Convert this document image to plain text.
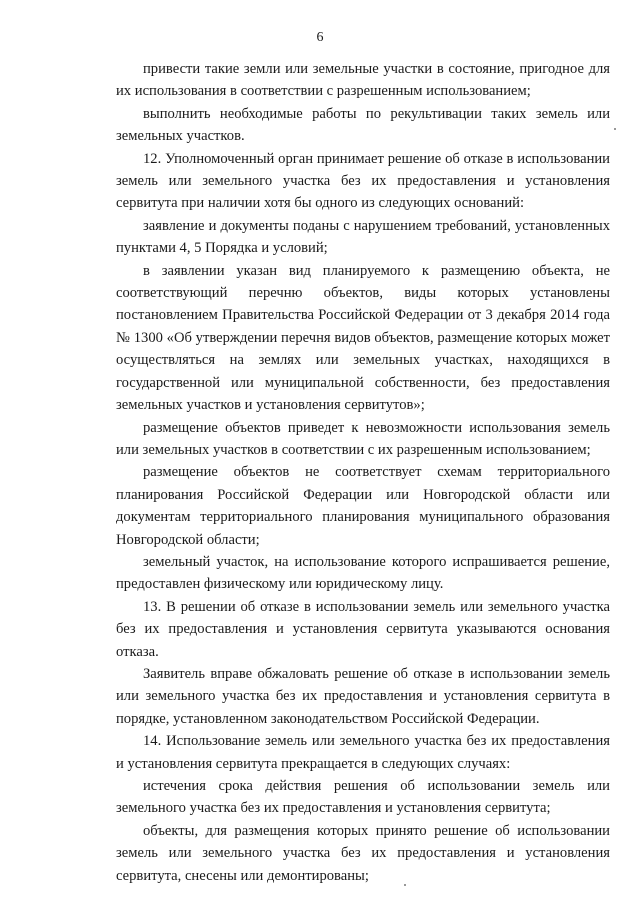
6

привести такие земли или земельные участки в состояние, пригодное для их использования в соответствии с разрешенным использованием;

выполнить необходимые работы по рекультивации таких земель или земельных участков.

12. Уполномоченный орган принимает решение об отказе в использовании земель или земельного участка без их предоставления и установления сервитута при наличии хотя бы одного из следующих оснований:

заявление и документы поданы с нарушением требований, установленных пунктами 4, 5 Порядка и условий;

в заявлении указан вид планируемого к размещению объекта, не соответствующий перечню объектов, виды которых установлены постановлением Правительства Российской Федерации от 3 декабря 2014 года № 1300 «Об утверждении перечня видов объектов, размещение которых может осуществляться на землях или земельных участках, находящихся в государственной или муниципальной собственности, без предоставления земельных участков и установления сервитутов»;

размещение объектов приведет к невозможности использования земель или земельных участков в соответствии с их разрешенным использованием;

размещение объектов не соответствует схемам территориального планирования Российской Федерации или Новгородской области или документам территориального планирования муниципального образования Новгородской области;

земельный участок, на использование которого испрашивается решение, предоставлен физическому или юридическому лицу.

13. В решении об отказе в использовании земель или земельного участка без их предоставления и установления сервитута указываются основания отказа.

Заявитель вправе обжаловать решение об отказе в использовании земель или земельного участка без их предоставления и установления сервитута в порядке, установленном законодательством Российской Федерации.

14. Использование земель или земельного участка без их предоставления и установления сервитута прекращается в следующих случаях:

истечения срока действия решения об использовании земель или земельного участка без их предоставления и установления сервитута;

объекты, для размещения которых принято решение об использовании земель или земельного участка без их предоставления и установления сервитута, снесены или демонтированы;
